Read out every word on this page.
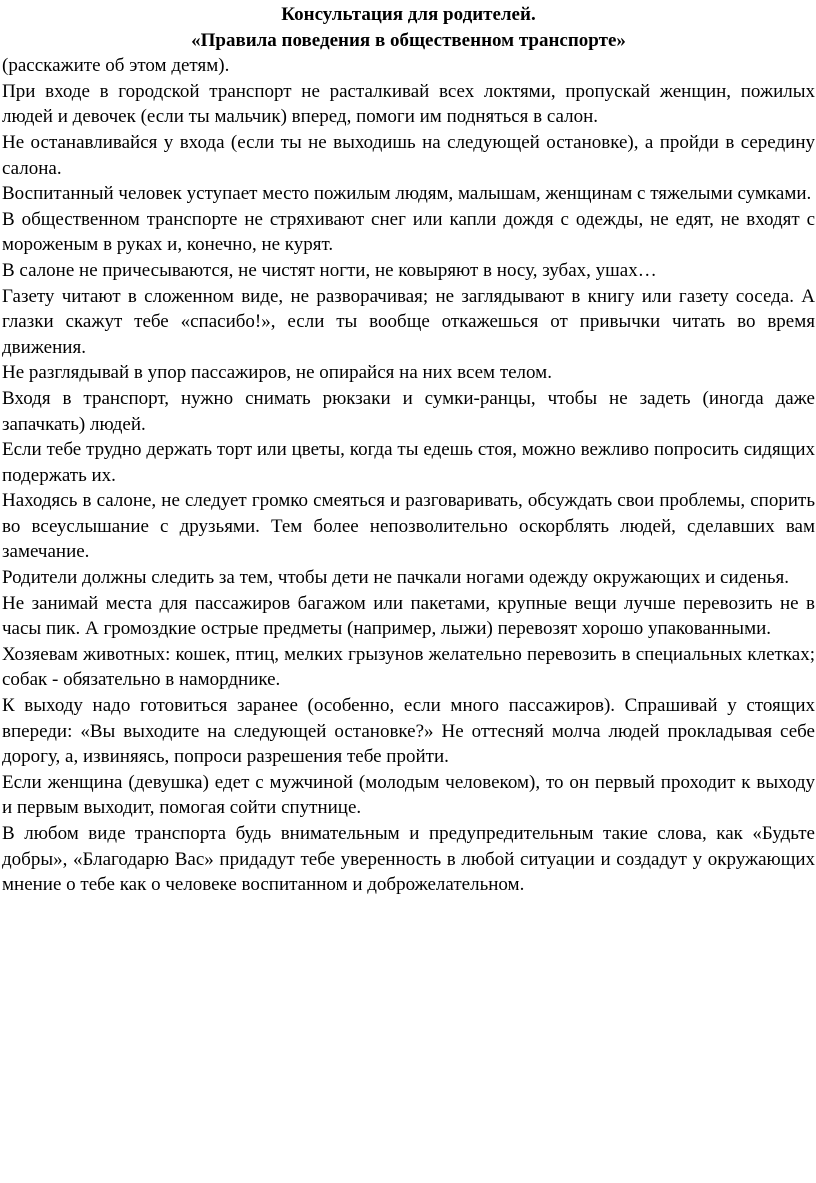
Консультация для родителей.

«Правила поведения в общественном транспорте»

(расскажите об этом детям).

При входе в городской транспорт не расталкивай всех локтями, пропускай женщин, пожилых людей и девочек (если ты мальчик) вперед, помоги им подняться в салон.

Не останавливайся у входа (если ты не выходишь на следующей остановке), а пройди в середину салона.

Воспитанный человек уступает место пожилым людям, малышам, женщинам с тяжелыми сумками.

В общественном транспорте не стряхивают снег или капли дождя с одежды, не едят, не входят с мороженым в руках и, конечно, не курят.

В салоне не причесываются, не чистят ногти, не ковыряют в носу, зубах, ушах…

Газету читают в сложенном виде, не разворачивая; не заглядывают в книгу или газету соседа. А глазки скажут тебе «спасибо!», если ты вообще откажешься от привычки читать во время движения.

Не разглядывай в упор пассажиров, не опирайся на них всем телом.

Входя в транспорт, нужно снимать рюкзаки и сумки-ранцы, чтобы не задеть (иногда даже запачкать) людей.

Если тебе трудно держать торт или цветы, когда ты едешь стоя, можно вежливо попросить сидящих подержать их.

Находясь в салоне, не следует громко смеяться и разговаривать, обсуждать свои проблемы, спорить во всеуслышание с друзьями. Тем более непозволительно оскорблять людей, сделавших вам замечание.

Родители должны следить за тем, чтобы дети не пачкали ногами одежду окружающих и сиденья.

Не занимай места для пассажиров багажом или пакетами, крупные вещи лучше перевозить не в часы пик. А громоздкие острые предметы (например, лыжи) перевозят хорошо упакованными.

Хозяевам животных: кошек, птиц, мелких грызунов желательно перевозить в специальных клетках; собак - обязательно в наморднике.

К выходу надо готовиться заранее (особенно, если много пассажиров). Спрашивай у стоящих впереди: «Вы выходите на следующей остановке?» Не оттесняй молча людей прокладывая себе дорогу, а, извиняясь, попроси разрешения тебе пройти.

Если женщина (девушка) едет с мужчиной (молодым человеком), то он первый проходит к выходу и первым выходит, помогая сойти спутнице.

В любом виде транспорта будь внимательным и предупредительным такие слова, как «Будьте добры», «Благодарю Вас» придадут тебе уверенность в любой ситуации и создадут у окружающих мнение о тебе как о человеке воспитанном и доброжелательном.
